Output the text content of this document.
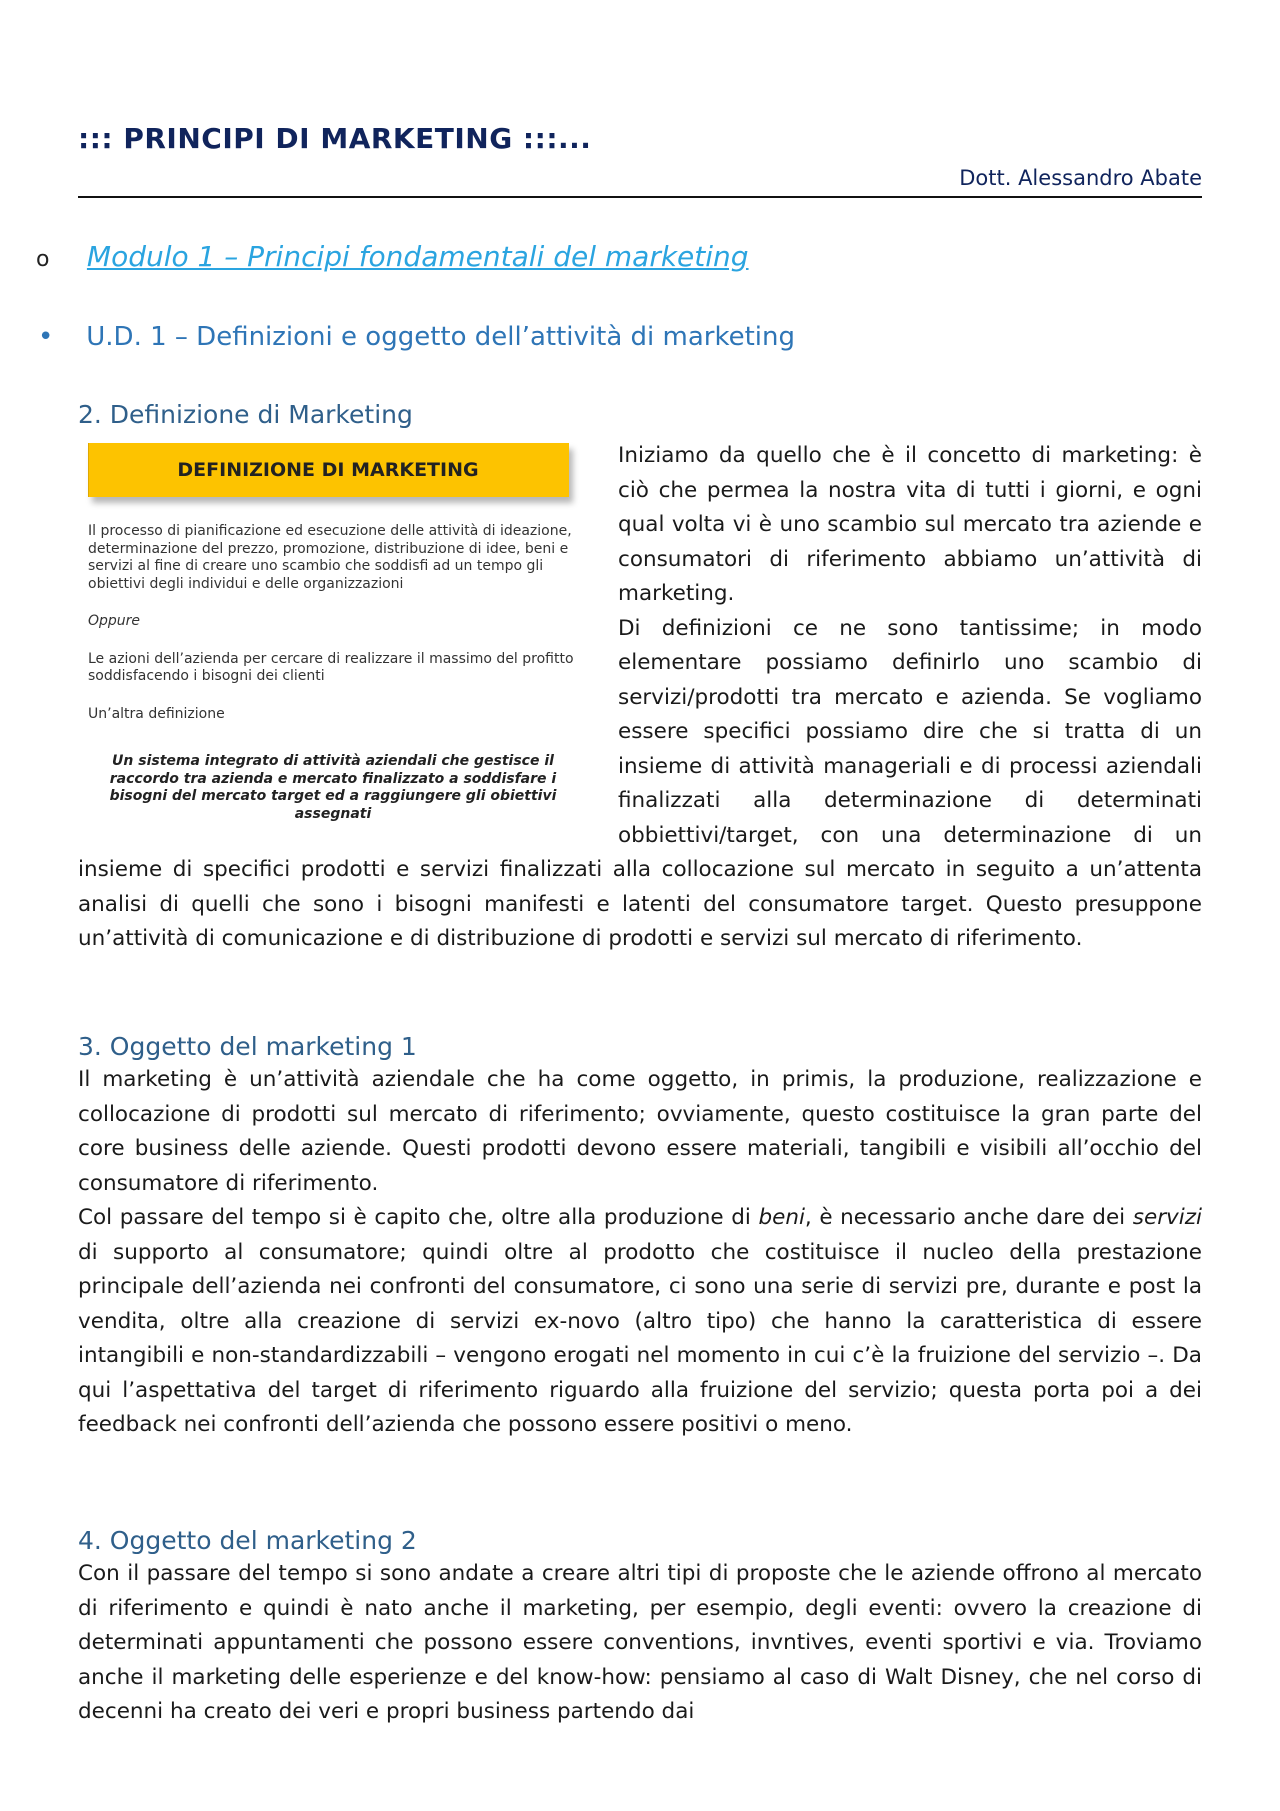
::: PRINCIPI DI MARKETING :::...
Dott. Alessandro Abate
o Modulo 1 – Principi fondamentali del marketing
• U.D. 1 – Definizioni e oggetto dell’attività di marketing
2. Definizione di Marketing
DEFINIZIONE DI MARKETING

Il processo di pianificazione ed esecuzione delle attività di ideazione, determinazione del prezzo, promozione, distribuzione di idee, beni e servizi al fine di creare uno scambio che soddisfi ad un tempo gli obiettivi degli individui e delle organizzazioni

Oppure

Le azioni dell’azienda per cercare di realizzare il massimo del profitto soddisfacendo i bisogni dei clienti

Un’altra definizione

Un sistema integrato di attività aziendali che gestisce il raccordo tra azienda e mercato finalizzato a soddisfare i bisogni del mercato target ed a raggiungere gli obiettivi assegnati

Iniziamo da quello che è il concetto di marketing: è ciò che permea la nostra vita di tutti i giorni, e ogni qual volta vi è uno scambio sul mercato tra aziende e consumatori di riferimento abbiamo un’attività di marketing.

Di definizioni ce ne sono tantissime; in modo elementare possiamo definirlo uno scambio di servizi/prodotti tra mercato e azienda. Se vogliamo essere specifici possiamo dire che si tratta di un insieme di attività manageriali e di processi aziendali finalizzati alla determinazione di determinati obbiettivi/target, con una determinazione di un insieme di specifici prodotti e servizi finalizzati alla collocazione sul mercato in seguito a un’attenta analisi di quelli che sono i bisogni manifesti e latenti del consumatore target. Questo presuppone un’attività di comunicazione e di distribuzione di prodotti e servizi sul mercato di riferimento.

3. Oggetto del marketing 1

Il marketing è un’attività aziendale che ha come oggetto, in primis, la produzione, realizzazione e collocazione di prodotti sul mercato di riferimento; ovviamente, questo costituisce la gran parte del core business delle aziende. Questi prodotti devono essere materiali, tangibili e visibili all’occhio del consumatore di riferimento.

Col passare del tempo si è capito che, oltre alla produzione di beni, è necessario anche dare dei servizi di supporto al consumatore; quindi oltre al prodotto che costituisce il nucleo della prestazione principale dell’azienda nei confronti del consumatore, ci sono una serie di servizi pre, durante e post la vendita, oltre alla creazione di servizi ex-novo (altro tipo) che hanno la caratteristica di essere intangibili e non-standardizzabili – vengono erogati nel momento in cui c’è la fruizione del servizio –. Da qui l’aspettativa del target di riferimento riguardo alla fruizione del servizio; questa porta poi a dei feedback nei confronti dell’azienda che possono essere positivi o meno.

4. Oggetto del marketing 2

Con il passare del tempo si sono andate a creare altri tipi di proposte che le aziende offrono al mercato di riferimento e quindi è nato anche il marketing, per esempio, degli eventi: ovvero la creazione di determinati appuntamenti che possono essere conventions, invntives, eventi sportivi e via. Troviamo anche il marketing delle esperienze e del know-how: pensiamo al caso di Walt Disney, che nel corso di decenni ha creato dei veri e propri business partendo dai
